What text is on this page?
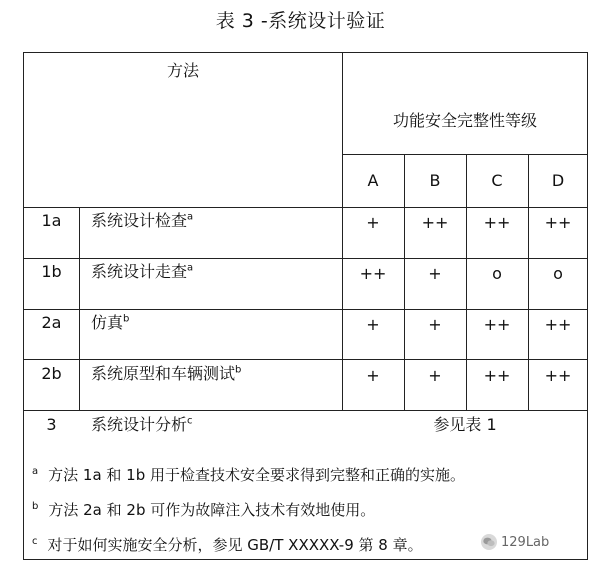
表 3 -系统设计验证
方法
功能安全完整性等级
A	B	C	D
1a	系统设计检查$^a$	+	++	++	++
1b	系统设计走查$^a$	++	+	o	o
2a	仿真$^b$	+	+	++	++
2b	系统原型和车辆测试$^b$	+	+	++	++
3	系统设计分析$^c$	参见表 1
$^a$ 方法 1a 和 1b 用于检查技术安全要求得到完整和正确的实施。
$^b$ 方法 2a 和 2b 可作为故障注入技术有效地使用。
$^c$ 对于如何实施安全分析，参见 GB/T XXXXX-9 第 8 章。	129Lab
